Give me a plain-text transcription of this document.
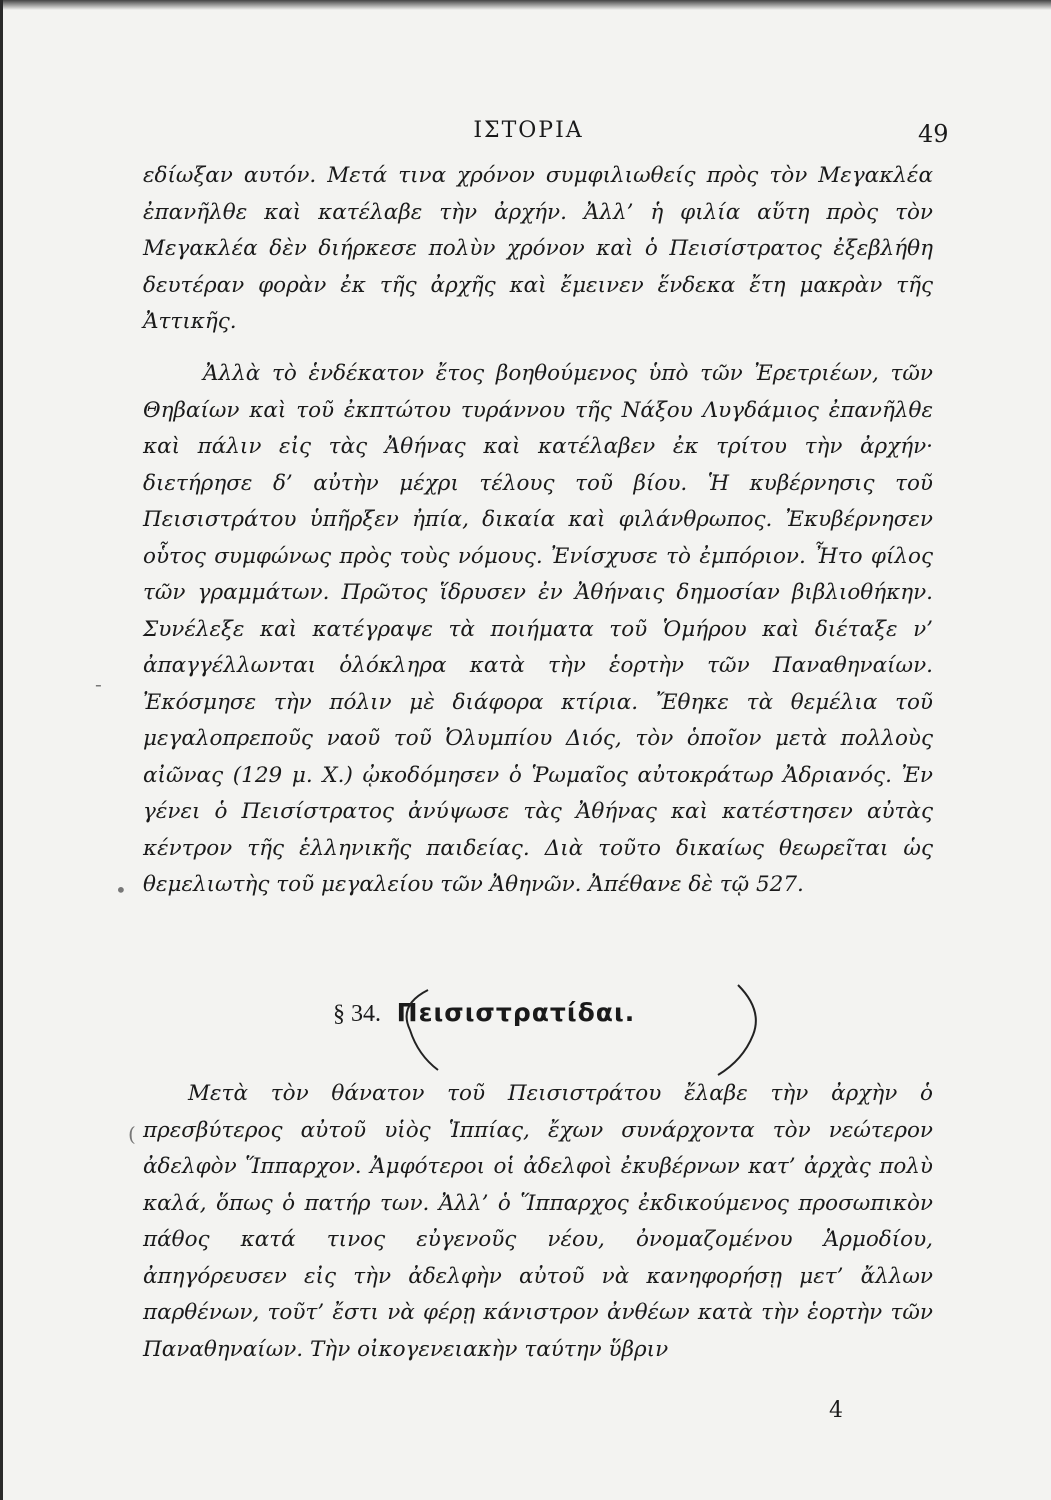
ΙΣΤΟΡΙΑ	49

εδίωξαν αυτόν. Μετά τινα χρόνον συμφιλιωθείς πρὸς τὸν Μεγακλέα ἐπανῆλθε καὶ κατέλαβε τὴν ἀρχήν. Ἀλλ’ ἡ φιλία αὕτη πρὸς τὸν Μεγακλέα δὲν διήρκεσε πολὺν χρόνον καὶ ὁ Πεισίστρατος ἐξεβλήθη δευτέραν φορὰν ἐκ τῆς ἀρχῆς καὶ ἔμεινεν ἕνδεκα ἔτη μακρὰν τῆς Ἀττικῆς.

Ἀλλὰ τὸ ἑνδέκατον ἔτος βοηθούμενος ὑπὸ τῶν Ἐρετριέων, τῶν Θηβαίων καὶ τοῦ ἐκπτώτου τυράννου τῆς Νάξου Λυγδάμιος ἐπανῆλθε καὶ πάλιν εἰς τὰς Ἀθήνας καὶ κατέλαβεν ἐκ τρίτου τὴν ἀρχήν· διετήρησε δ’ αὐτὴν μέχρι τέλους τοῦ βίου. Ἡ κυβέρνησις τοῦ Πεισιστράτου ὑπῆρξεν ἠπία, δικαία καὶ φιλάνθρωπος. Ἐκυβέρνησεν οὗτος συμφώνως πρὸς τοὺς νόμους. Ἐνίσχυσε τὸ ἐμπόριον. Ἦτο φίλος τῶν γραμμάτων. Πρῶτος ἵδρυσεν ἐν Ἀθήναις δημοσίαν βιβλιοθήκην. Συνέλεξε καὶ κατέγραψε τὰ ποιήματα τοῦ Ὁμήρου καὶ διέταξε ν’ ἀπαγγέλλωνται ὁλόκληρα κατὰ τὴν ἑορτὴν τῶν Παναθηναίων. Ἐκόσμησε τὴν πόλιν μὲ διάφορα κτίρια. Ἔθηκε τὰ θεμέλια τοῦ μεγαλοπρεποῦς ναοῦ τοῦ Ὀλυμπίου Διός, τὸν ὁποῖον μετὰ πολλοὺς αἰῶνας (129 μ. Χ.) ᾠκοδόμησεν ὁ Ῥωμαῖος αὐτοκράτωρ Ἀδριανός. Ἐν γένει ὁ Πεισίστρατος ἀνύψωσε τὰς Ἀθήνας καὶ κατέστησεν αὐτὰς κέντρον τῆς ἑλληνικῆς παιδείας. Διὰ τοῦτο δικαίως θεωρεῖται ὡς θεμελιωτὴς τοῦ μεγαλείου τῶν Ἀθηνῶν. Ἀπέθανε δὲ τῷ 527.

§ 34. Πεισιστρατίδαι.

Μετὰ τὸν θάνατον τοῦ Πεισιστράτου ἔλαβε τὴν ἀρχὴν ὁ πρεσβύτερος αὐτοῦ υἱὸς Ἱππίας, ἔχων συνάρχοντα τὸν νεώτερον ἀδελφὸν Ἵππαρχον. Ἀμφότεροι οἱ ἀδελφοὶ ἐκυβέρνων κατ’ ἀρχὰς πολὺ καλά, ὅπως ὁ πατήρ των. Ἀλλ’ ὁ Ἵππαρχος ἐκδικούμενος προσωπικὸν πάθος κατά τινος εὐγενοῦς νέου, ὀνομαζομένου Ἁρμοδίου, ἀπηγόρευσεν εἰς τὴν ἀδελφὴν αὐτοῦ νὰ κανηφορήσῃ μετ’ ἄλλων παρθένων, τοῦτ’ ἔστι νὰ φέρῃ κάνιστρον ἀνθέων κατὰ τὴν ἑορτὴν τῶν Παναθηναίων. Τὴν οἰκογενειακὴν ταύτην ὕβριν

-
•
(
4
